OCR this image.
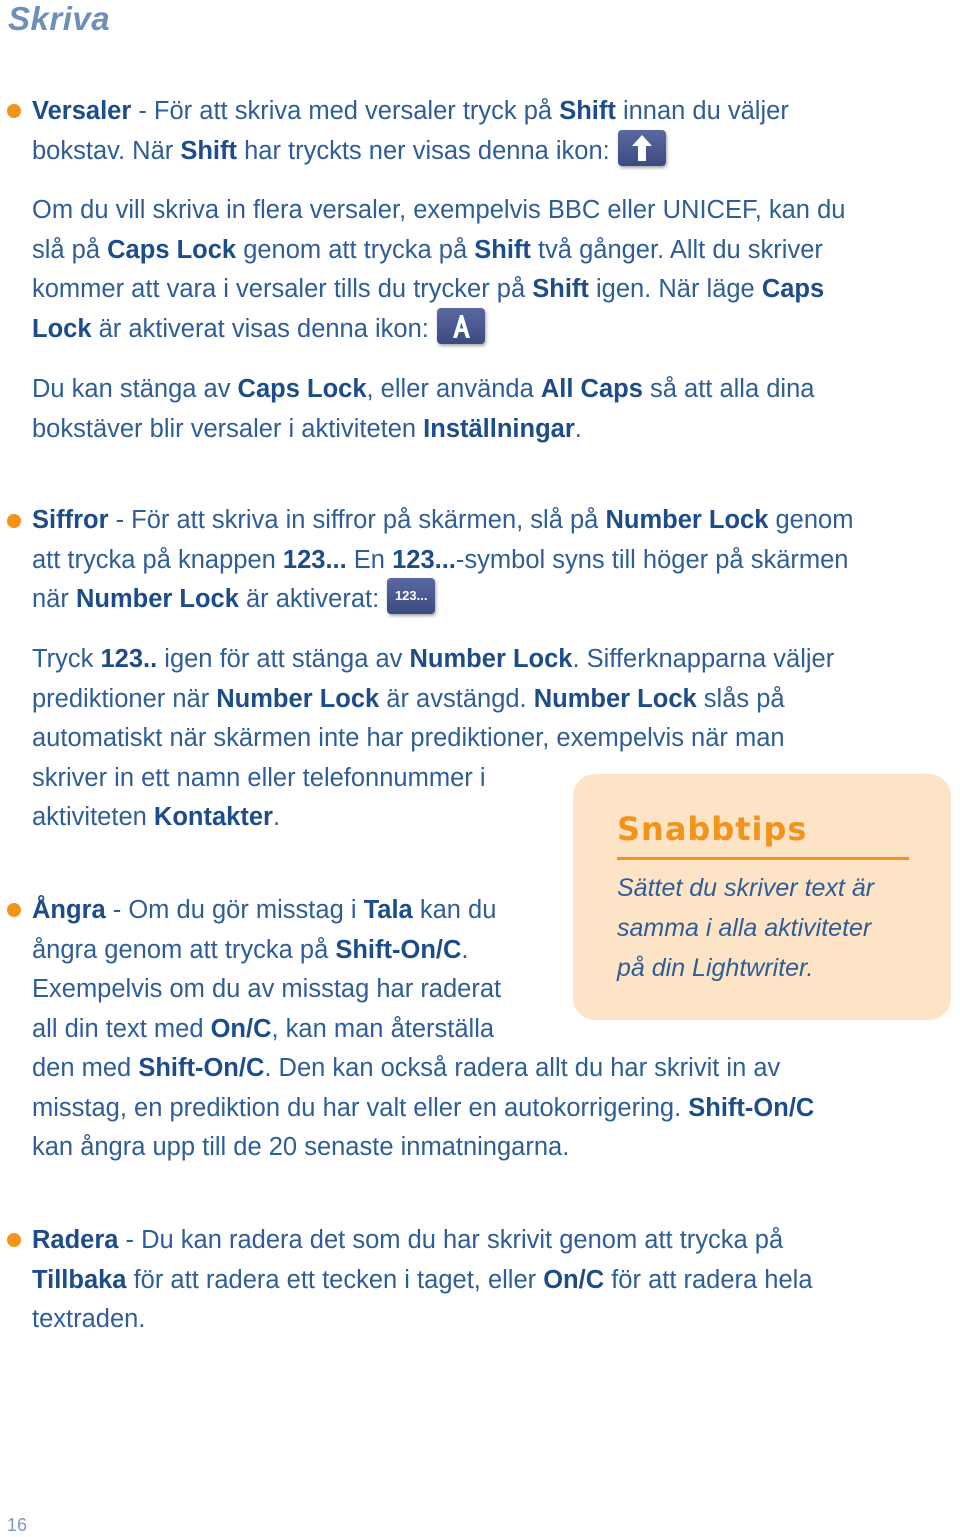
Skriva

Versaler - För att skriva med versaler tryck på Shift innan du väljer
bokstav. När Shift har tryckts ner visas denna ikon:

Om du vill skriva in flera versaler, exempelvis BBC eller UNICEF, kan du
slå på Caps Lock genom att trycka på Shift två gånger. Allt du skriver
kommer att vara i versaler tills du trycker på Shift igen. När läge Caps
Lock är aktiverat visas denna ikon:

Du kan stänga av Caps Lock, eller använda All Caps så att alla dina
bokstäver blir versaler i aktiviteten Inställningar.

Siffror - För att skriva in siffror på skärmen, slå på Number Lock genom
att trycka på knappen 123... En 123...-symbol syns till höger på skärmen
när Number Lock är aktiverat:	123...

Tryck 123.. igen för att stänga av Number Lock. Sifferknapparna väljer
prediktioner när Number Lock är avstängd. Number Lock slås på
automatiskt när skärmen inte har prediktioner, exempelvis när man
skriver in ett namn eller telefonnummer i
aktiviteten Kontakter.

Ångra - Om du gör misstag i Tala kan du
ångra genom att trycka på Shift-On/C.
Exempelvis om du av misstag har raderat
all din text med On/C, kan man återställa
den med Shift-On/C. Den kan också radera allt du har skrivit in av
misstag, en prediktion du har valt eller en autokorrigering. Shift-On/C
kan ångra upp till de 20 senaste inmatningarna.

Radera - Du kan radera det som du har skrivit genom att trycka på
Tillbaka för att radera ett tecken i taget, eller On/C för att radera hela
textraden.

Snabbtips
Sättet du skriver text är
samma i alla aktiviteter
på din Lightwriter.
16
